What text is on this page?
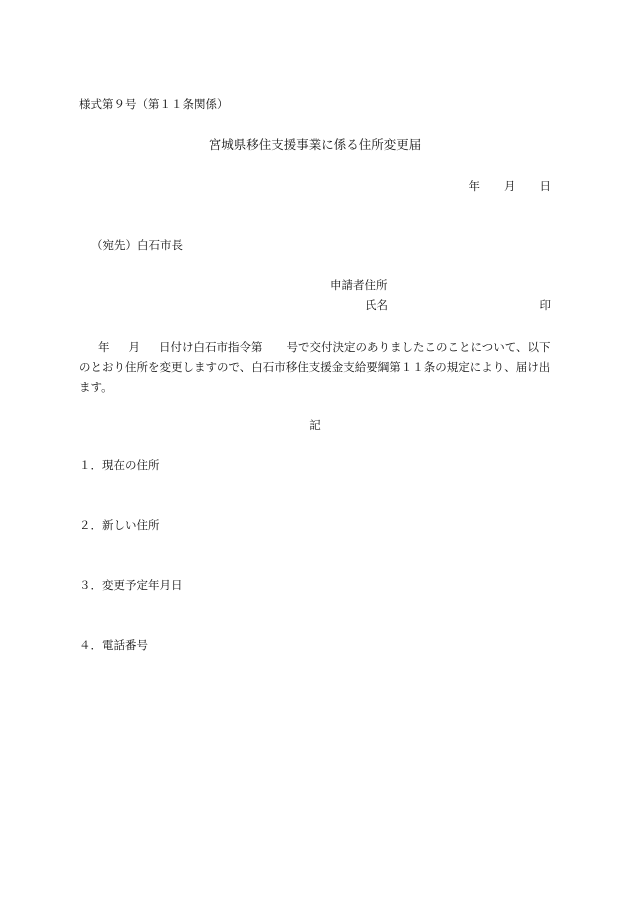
様式第９号（第１１条関係）
宮城県移住支援事業に係る住所変更届
年 月 日
（宛先）白石市長
申請者住所
氏名	印
年 月 日付け白石市指令第 号で交付決定のありましたこのことについて、以下のとおり住所を変更しますので、白石市移住支援金支給要綱第１１条の規定により、届け出ます。
記
１．現在の住所
２．新しい住所
３．変更予定年月日
４．電話番号
